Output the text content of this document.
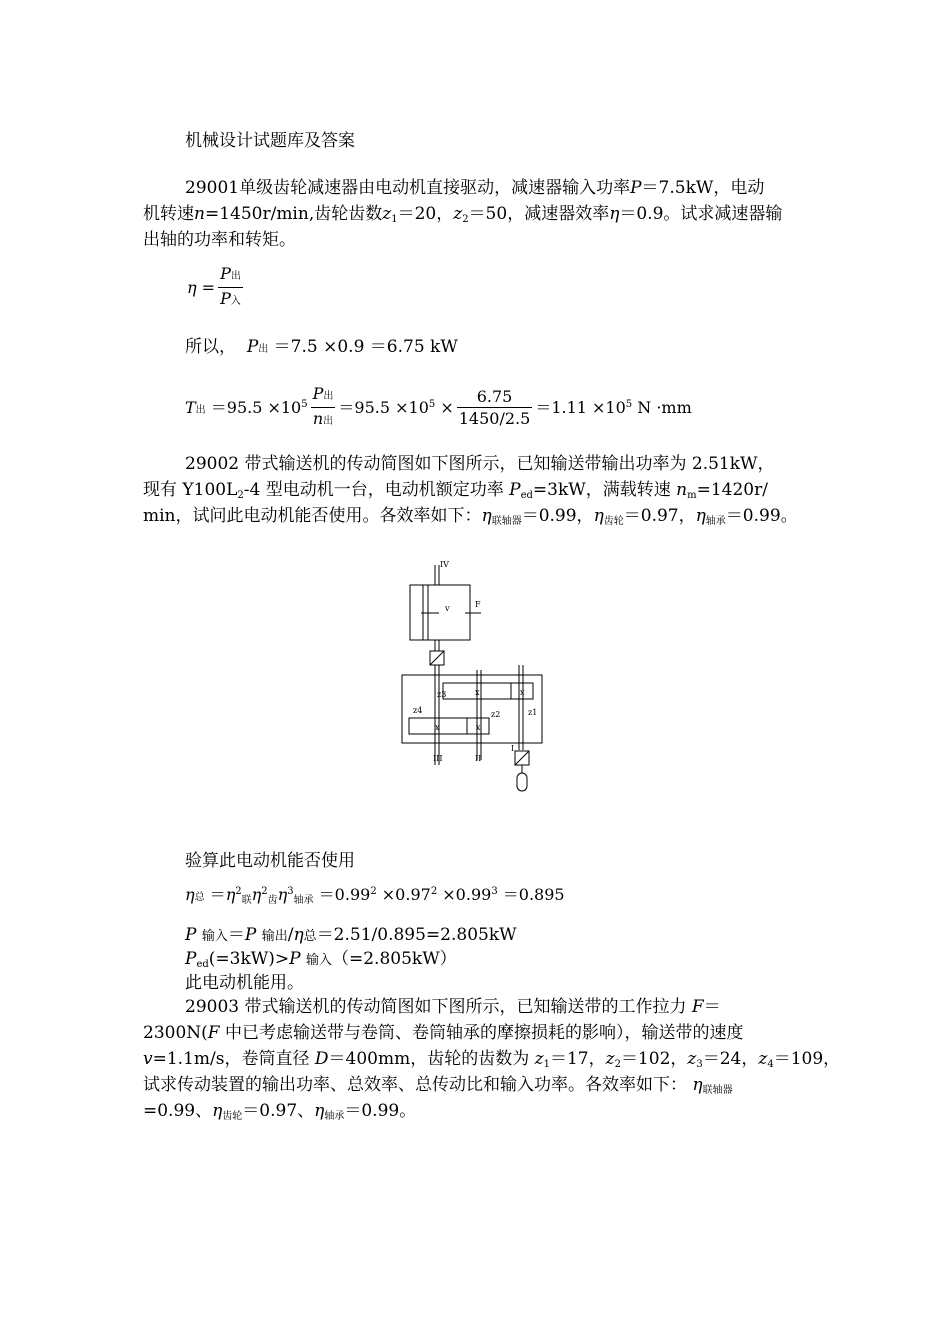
机械设计试题库及答案
29001单级齿轮减速器由电动机直接驱动，减速器输入功率P＝7.5kW，电动
机转速n=1450r/min,齿轮齿数$z_1=20$，$z_2=50$，减速器效率η＝0.9。试求减速器输
出轴的功率和转矩。
$\eta = \frac{\text{P出}}{\text{P入}}$
所以，  P出 ＝7.5 ×0.9 ＝6.75 kW
T出 $=95.5 \times 10^5 \frac{\text{P出}}{\text{n出}} =95.5 \times 10^5 \times \frac{6.75}{1450/2.5} =1.11 \times 10^5$ N ·mm
29002 带式输送机的传动简图如下图所示，已知输送带输出功率为 2.51kW，
现有 $Y100L_2-4$ 型电动机一台，电动机额定功率 $P_{ed}=3kW$，满载转速 $n_m=1420r/$
min，试问此电动机能否使用。各效率如下：$\eta_{联轴器}=0.99$，$\eta_{齿轮}=0.97$，$\eta_{轴承}=0.99$。
IV
v	F
z3
z4	z2	z1
III	II
I
x	x
x	x
验算此电动机能否使用
η总 $=\eta^2_联\eta^2_齿\eta^3_{轴承} =0.99^2 \times 0.97^2 \times 0.99^3 =0.895$
P 输入＝P 输出/η总＝2.51/0.895=2.805kW
$P_{ed}(=3kW)>P$ 输入（=2.805kW）
此电动机能用。
29003 带式输送机的传动简图如下图所示，已知输送带的工作拉力 F＝
2300N(F 中已考虑输送带与卷筒、卷筒轴承的摩擦损耗的影响），输送带的速度
v=1.1m/s，卷筒直径 D＝400mm，齿轮的齿数为 $z_1=17$，$z_2=102$，$z_3=24$，$z_4=109$，
试求传动装置的输出功率、总效率、总传动比和输入功率。各效率如下： $\eta_{联轴器}$
=0.99、$\eta_{齿轮}=0.97$、$\eta_{轴承}=0.99$。
